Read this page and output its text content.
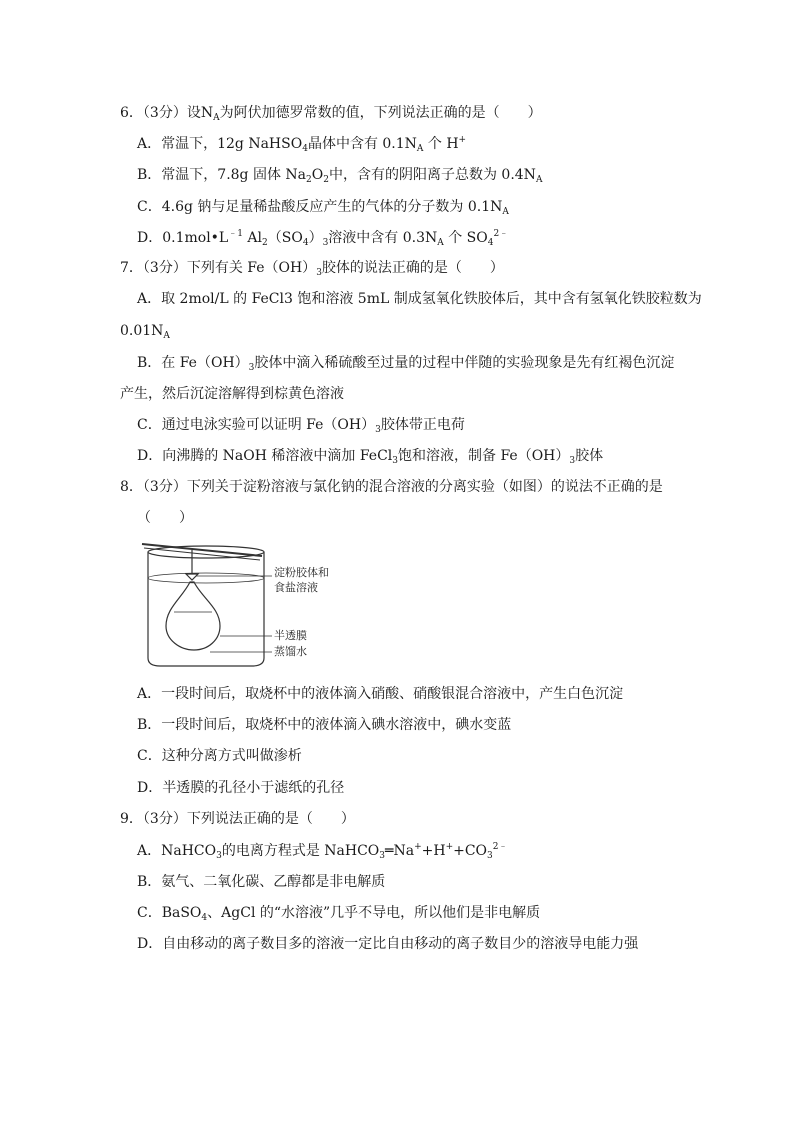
6．（3分）设$N_A$为阿伏加德罗常数的值，下列说法正确的是（　　）
A．常温下，12g NaHSO$_4$晶体中含有 $0.1N_A$ 个 H+
B．常温下，7.8g 固体 $Na_2O_2$中，含有的阴阳离子总数为 $0.4N_A$
C．4.6g 钠与足量稀盐酸反应产生的气体的分子数为 $0.1N_A$
D．$0.1mol•L^{﹣1}$ $Al_2(SO_4)_3$溶液中含有 $0.3N_A$ 个 $SO_4^{2﹣}$
7．（3分）下列有关 $Fe(OH)_3$胶体的说法正确的是（　　）
A．取 2mol/L 的 FeCl3 饱和溶液 5mL 制成氢氧化铁胶体后，其中含有氢氧化铁胶粒数为
$0.01N_A$
B．在 $Fe(OH)_3$胶体中滴入稀硫酸至过量的过程中伴随的实验现象是先有红褐色沉淀
产生，然后沉淀溶解得到棕黄色溶液
C．通过电泳实验可以证明 $Fe(OH)_3$胶体带正电荷
D．向沸腾的 NaOH 稀溶液中滴加 FeCl$_3$饱和溶液，制备 $Fe(OH)_3$胶体
8．（3分）下列关于淀粉溶液与氯化钠的混合溶液的分离实验（如图）的说法不正确的是
（　　）
淀粉胶体和
食盐溶液
半透膜
蒸馏水
A．一段时间后，取烧杯中的液体滴入硝酸、硝酸银混合溶液中，产生白色沉淀
B．一段时间后，取烧杯中的液体滴入碘水溶液中，碘水变蓝
C．这种分离方式叫做渗析
D．半透膜的孔径小于滤纸的孔径
9．（3分）下列说法正确的是（　　）
A．NaHCO$_3$的电离方程式是 $NaHCO_3═Na^++H^++CO_3^{2﹣}$
B．氨气、二氧化碳、乙醇都是非电解质
C．BaSO$_4$、AgCl 的“水溶液”几乎不导电，所以他们是非电解质
D．自由移动的离子数目多的溶液一定比自由移动的离子数目少的溶液导电能力强
